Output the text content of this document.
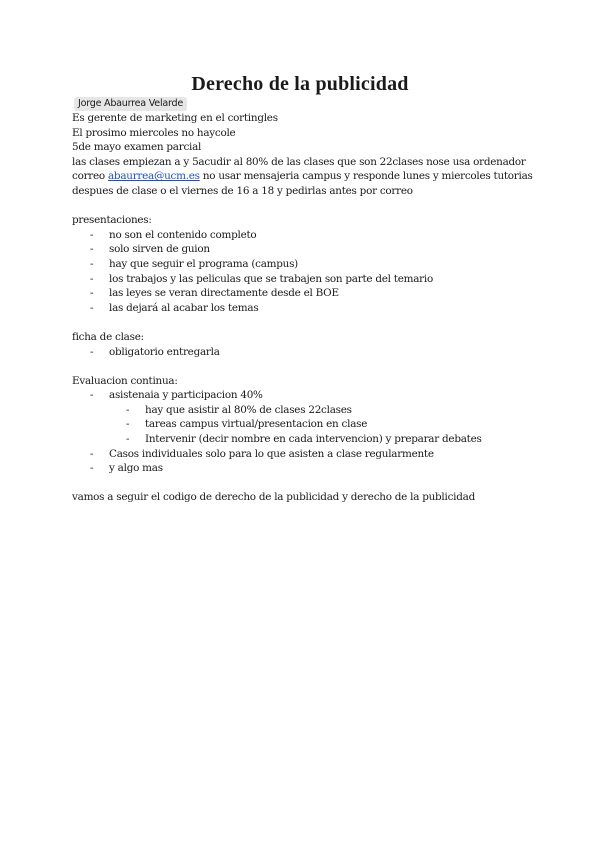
Derecho de la publicidad

Jorge Abaurrea Velarde

Es gerente de marketing en el cortingles

El prosimo miercoles no haycole

5de mayo examen parcial

las clases empiezan a y 5acudir al 80% de las clases que son 22clases nose usa ordenador

correo abaurrea@ucm.es no usar mensajeria campus y responde lunes y miercoles tutorias

despues de clase o el viernes de 16 a 18 y pedirlas antes por correo

presentaciones:

- no son el contenido completo
- solo sirven de guion
- hay que seguir el programa (campus)
- los trabajos y las peliculas que se trabajen son parte del temario
- las leyes se veran directamente desde el BOE
- las dejará al acabar los temas

ficha de clase:

- obligatorio entregarla

Evaluacion continua:

- asistenaia y participacion 40%
- hay que asistir al 80% de clases 22clases
- tareas campus virtual/presentacion en clase
- Intervenir (decir nombre en cada intervencion) y preparar debates
- Casos individuales solo para lo que asisten a clase regularmente
- y algo mas

vamos a seguir el codigo de derecho de la publicidad y derecho de la publicidad
